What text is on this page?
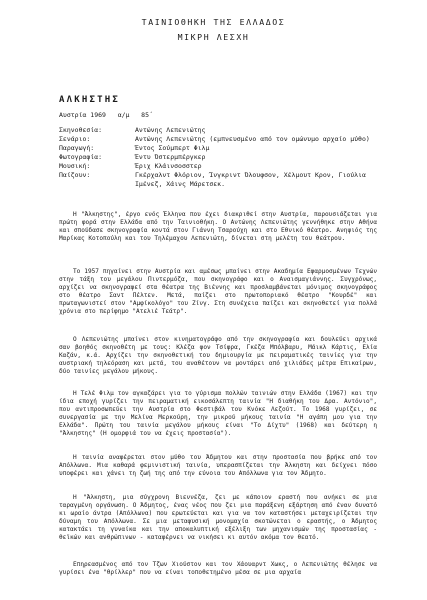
ΤΑΙΝΙΟΘΗΚΗ ΤΗΣ ΕΛΛΑΔΟΣ
ΜΙΚΡΗ ΛΕΣΧΗ
ΑΛΚΗΣΤΗΣ
Αυστρία 1969   α/μ   85΄
Σκηνοθεσία:	Αντώνης Λεπενιώτης
Σενάριο:	Αντώνης Λεπενιώτης (εμπνευσμένο από τον ομώνυμο αρχαίο μύθο)
Παραγωγή:	Έντος Σούμπερτ Φιλμ
Φωτογραφία:	Έντυ Όστερμπέργκερ
Μουσική:	Έριχ Κλάινσοσστερ
Παίζουν:	Γκέρχαλντ Φλόριον, Ίνγκριντ Όλουφσον, Χέλμουτ Κρον, Γιούλια
Ιμένεζ, Χάινς Μάρετσεκ.

Η "Άλκηστης", έργο ενός Έλληνα που έχει διακριθεί στην Αυστρία, παρουσιάζεται για πρώτη φορά στην Ελλάδα από την Ταινιοθήκη. Ο Αντώνης Λεπενιώτης γεννήθηκε στην Αθήνα και σπούδασε σκηνογραφία κοντά στον Γιάννη Τσαρούχη και στο Εθνικό θέατρο. Ανηψιός της Μαρίκας Κοτοπούλη και του Τηλέμαχου Λεπενιώτη, δίνεται στη μελέτη του θεάτρου.

Το 1957 πηγαίνει στην Αυστρία και αμέσως μπαίνει στην Ακαδημία Εφαρμοσμένων Τεχνών στην τάξη του μεγάλου Πιντερμόζα, που σκηνογράφο και ο Αναισμαγιάννης. Συγχρόνως, αρχίζει να σκηνογραφεί στα θέατρα της Βιέννης και προσλαμβάνεται μόνιμος σκηνογράφος στο θέατρο Σαντ Πέλτεν. Μετά, παίζει στο πρωτοποριακό θέατρο "Κουρδέ" και πρωταγωνιστεί στον "Αμφίκολόγο" του Ζίνγ. Στη συνέχεια παίζει και σκηνοθετεί για πολλά χρόνια στο περίφημο "Ατελιέ Τεάτρ".

Ο Λεπενιώτης μπαίνει στον κινηματογράφο από την σκηνογραφία και δουλεύει αρχικά σαν βοηθός σκηνοθέτη με τους: Κλέζα φον Τσίφρα, Γκέζα Μπόλβαρυ, Μάικλ Κάρτις, Ελία Καζάν, κ.ά. Αρχίζει την σκηνοθετική του δημιουργία με πειραματικές ταινίες για την αυστριακή τηλεόραση και μετά, του αναθέτουν να μοντάρει από χιλιάδες μέτρα Επικαίρων, δύο ταινίες μεγάλου μήκους.

Η Τελέ Φιλμ τον αγκαζάρει για το γύρισμα πολλών ταινιών στην Ελλάδα (1967) και την ίδια εποχή γυρίζει την πειραματική εικοσάλεπτη ταινία "Η διαθήκη του Δρα. Αντόνιο", που αντιπροσωπεύει την Αυστρία στο Φεστιβάλ του Κνόκε Λεζούτ. Το 1968 γυρίζει, σε συνεργασία με την Μελίνα Μερκούρη, την μικρού μήκους ταινία "Η αγάπη μου για την Ελλάδα". Πρώτη του ταινία μεγάλου μήκους είναι "Το Δίχτυ" (1968) και δεύτερη η "Άλκηστης" (Η ομορφιά του να έχεις προστασία").

Η ταινία αναφέρεται στον μύθο του Άδμητου και στην προστασία που βρήκε από τον Απόλλωνα. Μια καθαρά φεμινιστική ταινία, υπερασπίζεται την Άλκηστη και δείχνει πόσο υποφέρει και χάνει τη ζωή της από την εύνοια του Απόλλωνα για τον Άδμητο.

Η "Άλκηστη, μια σύγχρονη Βιεννέζα, ζει με κάποιον εραστή που ανήκει σε μια ταραγμένη οργάνωση. Ο Άδμητος, ένας νέος που ζει μια παράξενη εξάρτηση από έναν δυνατό κι ωραίο άντρα (Απόλλωνα) που ερωτεύεται και για να τον καταστήσει μεταχειρίζεται την δύναμη του Απόλλωνα. Σε μια μεταφυσική μονομαχία σκοτώνεται ο εραστής, ο Άδμητος κατακτάει τη γυναίκα και την αποκαλυπτική εξέλιξη των μηχανισμών της προστασίας - θεϊκών και ανθρώπινων - καταφέρνει να νικήσει κι αυτόν ακόμα τον θεατό.

Επηρεασμένος από τον Τζων Χιούστον και τον Χάουαρντ Χωκς, ο Λεπενιώτης θέλησε να γυρίσει ένα "θρίλλερ" που να είναι τοποθετημένο μέσα σε μια αρχαία
